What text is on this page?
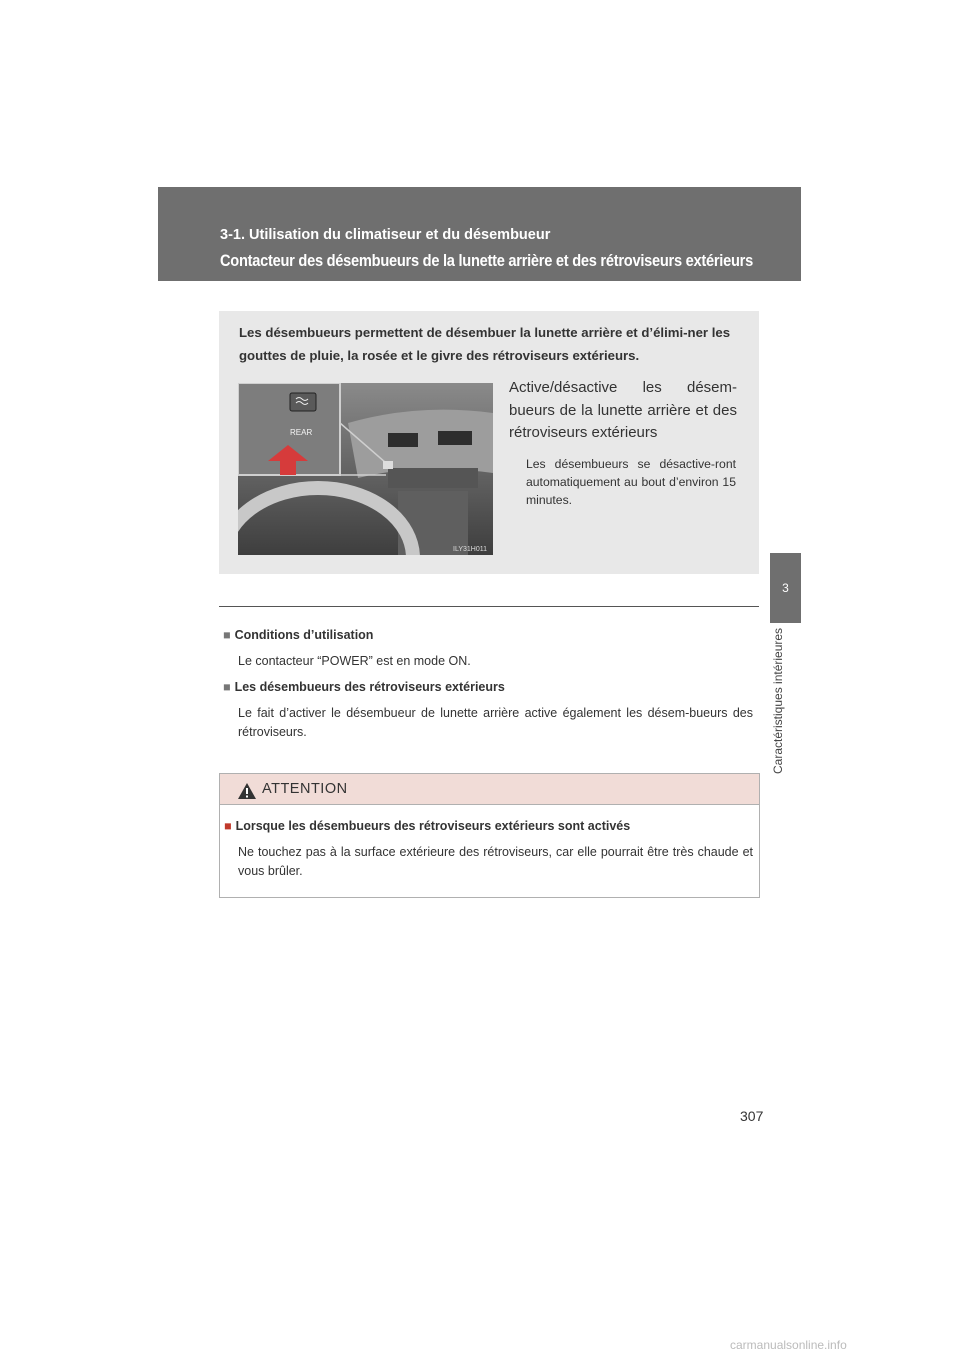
3-1. Utilisation du climatiseur et du désembueur
Contacteur des désembueurs de la lunette arrière et des rétroviseurs extérieurs
3
Caractéristiques intérieures
Les désembueurs permettent de désembuer la lunette arrière et d’élimi-ner les gouttes de pluie, la rosée et le givre des rétroviseurs extérieurs.
REAR
ILY31H011
Active/désactive les désem-bueurs de la lunette arrière et des rétroviseurs extérieurs
Les désembueurs se désactive-ront automatiquement au bout d’environ 15 minutes.
■ Conditions d’utilisation
Le contacteur “POWER” est en mode ON.
■ Les désembueurs des rétroviseurs extérieurs
Le fait d’activer le désembueur de lunette arrière active également les désem-bueurs des rétroviseurs.
ATTENTION
■ Lorsque les désembueurs des rétroviseurs extérieurs sont activés
Ne touchez pas à la surface extérieure des rétroviseurs, car elle pourrait être très chaude et vous brûler.
307
carmanualsonline.info
